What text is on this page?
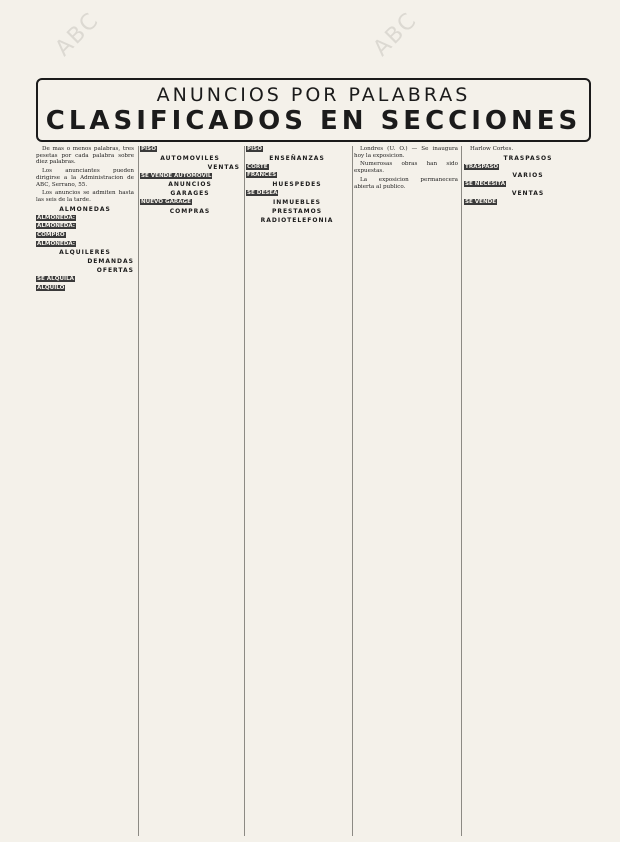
ABC	ABC
ANUNCIOS POR PALABRAS
CLASIFICADOS EN SECCIONES
De mas o menos palabras, tres pesetas por cada palabra sobre diez palabras.
Los anunciantes pueden dirigirse a la Administracion de ABC, Serrano, 55.
Los anuncios se admiten hasta las seis de la tarde.
ALMONEDAS
ALMONEDA:
ALMONEDA:
COMPRO
ALMONEDA:
ALQUILERES
DEMANDAS
OFERTAS
SE ALQUILA
ALQUILO
PISO
AUTOMOVILES
VENTAS
SE VENDE AUTOMOVIL
ANUNCIOS
GARAGES
NUEVO GARAGE
COMPRAS
PISO
ENSEÑANZAS
CORTE
FRANCES
HUESPEDES
SE DESEA
INMUEBLES
PRESTAMOS
RADIOTELEFONIA
Londres (U. O.) — Se inaugura hoy la exposicion.
Numerosas obras han sido expuestas.
La exposicion permanecera abierta al publico.
Harlow Cortes.
TRASPASOS
TRASPASO
VARIOS
SE NECESITA
VENTAS
SE VENDE
